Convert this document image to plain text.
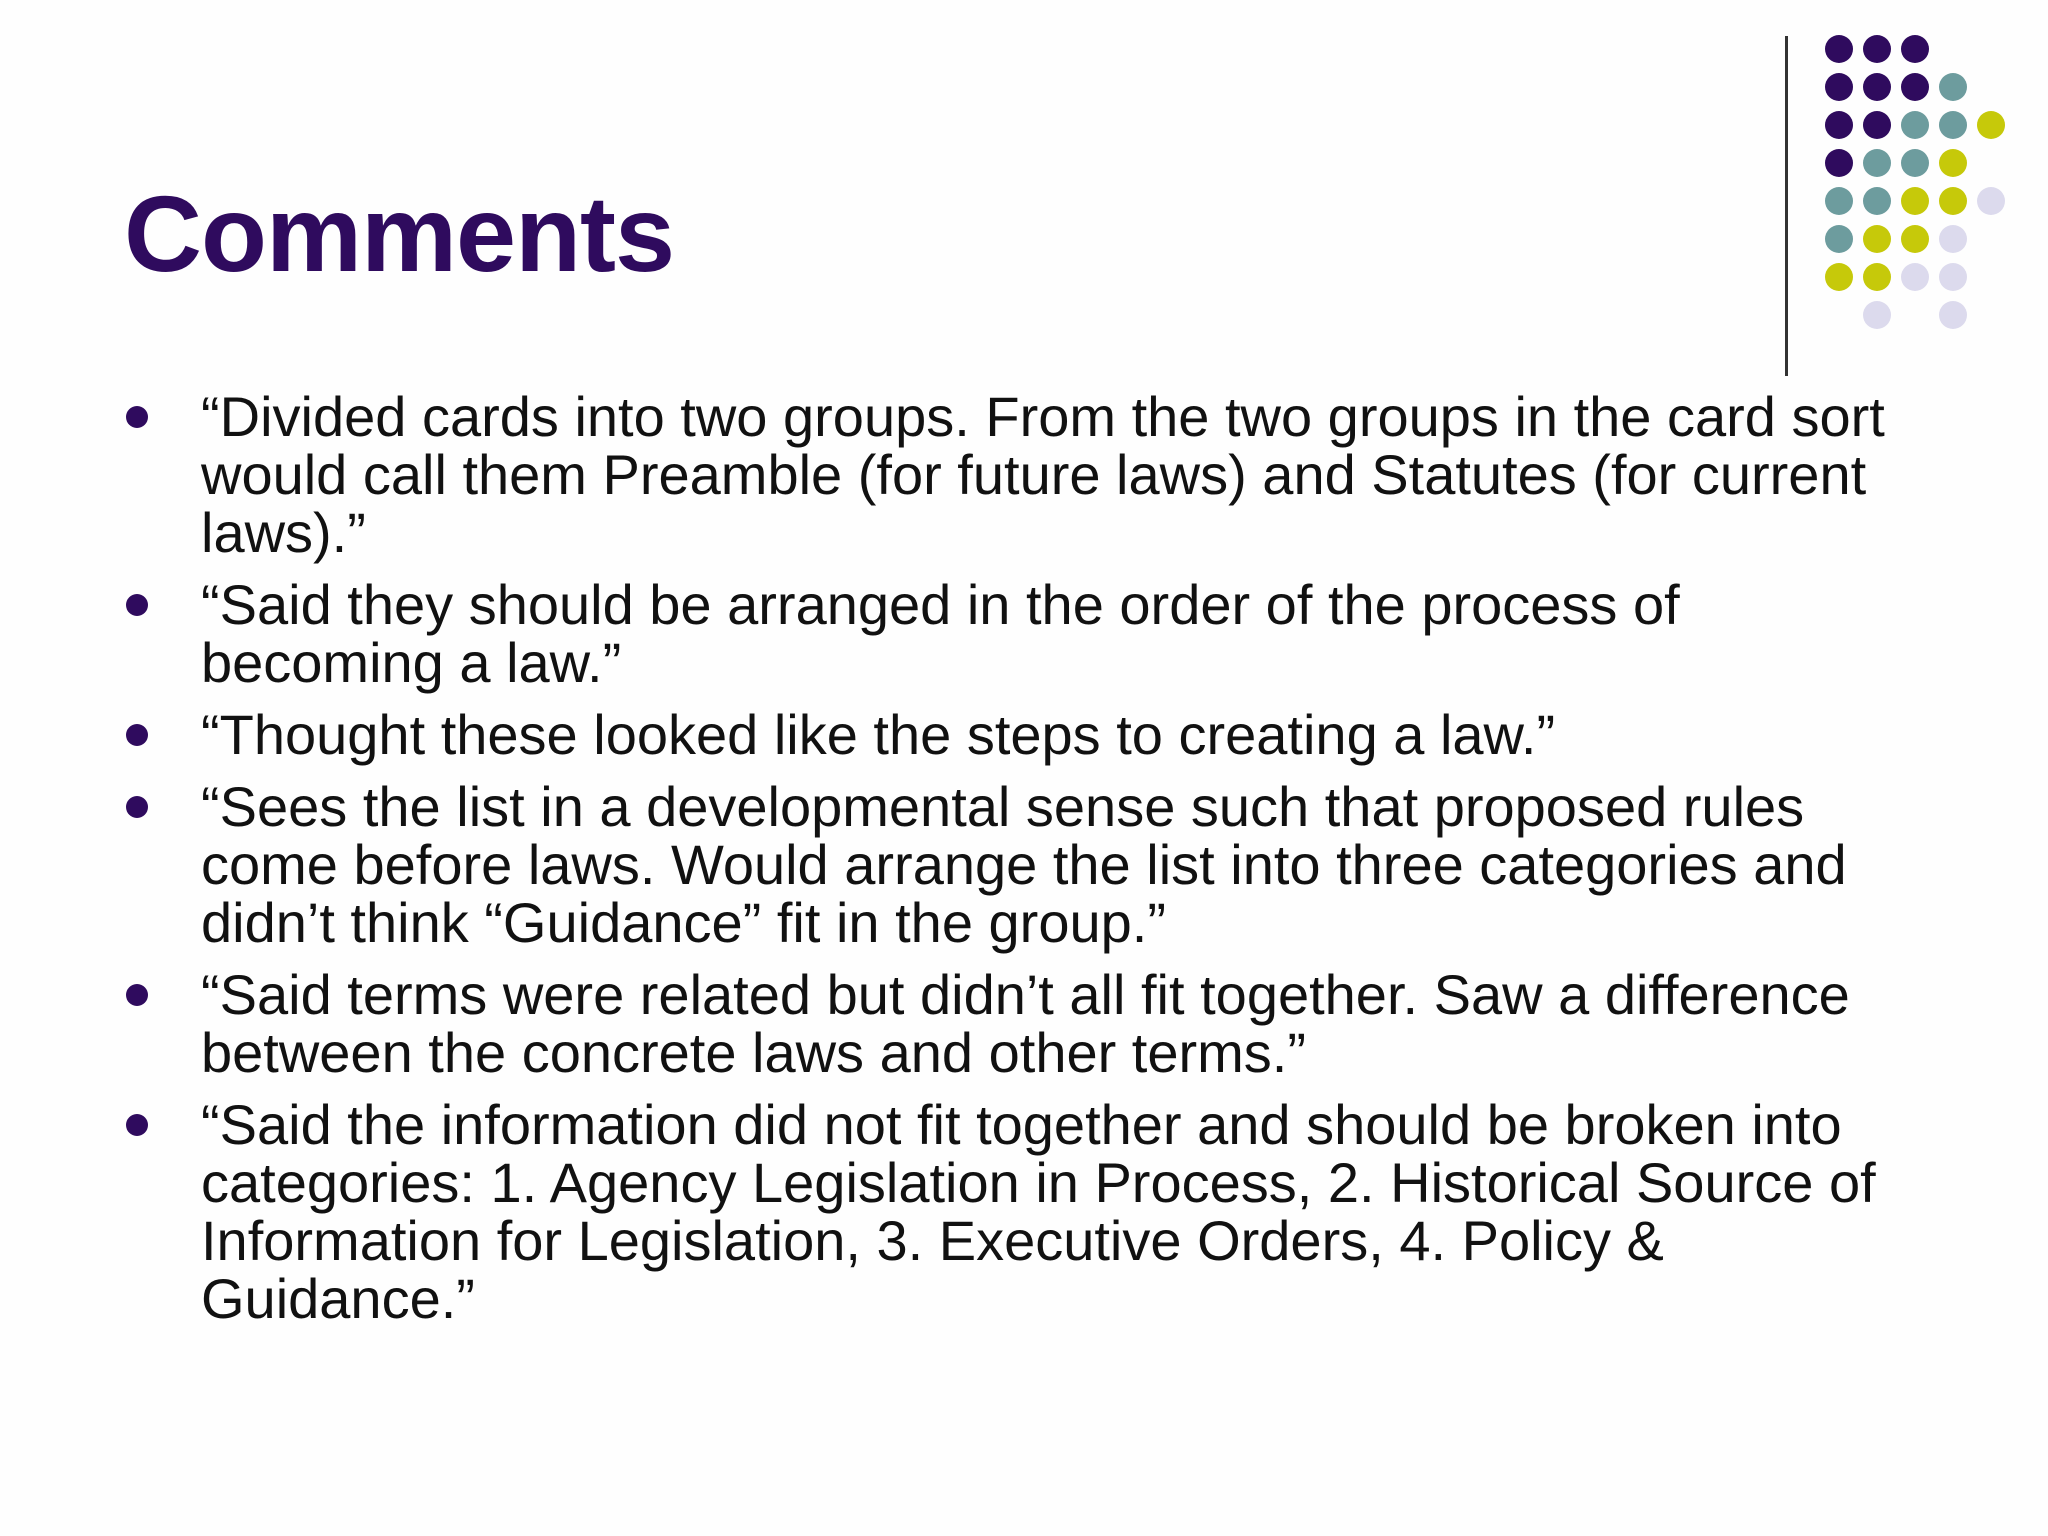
Comments
“Divided cards into two groups. From the two groups in the card sort would call them Preamble (for future laws) and Statutes (for current laws).”
“Said they should be arranged in the order of the process of becoming a law.”
“Thought these looked like the steps to creating a law.”
“Sees the list in a developmental sense such that proposed rules come before laws. Would arrange the list into three categories and didn’t think “Guidance” fit in the group.”
“Said terms were related but didn’t all fit together. Saw a difference between the concrete laws and other terms.”
“Said the information did not fit together and should be broken into categories: 1. Agency Legislation in Process, 2. Historical Source of Information for Legislation, 3. Executive Orders, 4. Policy & Guidance.”
